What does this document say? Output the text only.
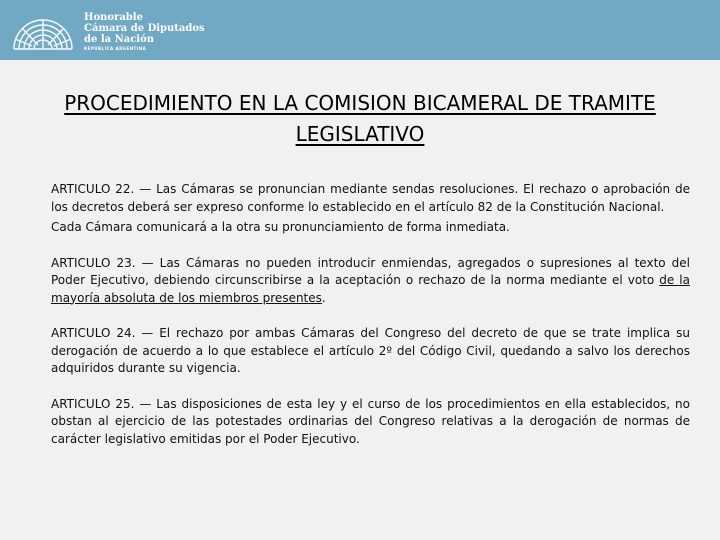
Honorable
Cámara de Diputados
de la Nación
REPÚBLICA ARGENTINA
PROCEDIMIENTO EN LA COMISION BICAMERAL DE TRAMITE LEGISLATIVO

ARTICULO 22. — Las Cámaras se pronuncian mediante sendas resoluciones. El rechazo o aprobación de los decretos deberá ser expreso conforme lo establecido en el artículo 82 de la Constitución Nacional.

Cada Cámara comunicará a la otra su pronunciamiento de forma inmediata.

ARTICULO 23. — Las Cámaras no pueden introducir enmiendas, agregados o supresiones al texto del Poder Ejecutivo, debiendo circunscribirse a la aceptación o rechazo de la norma mediante el voto de la mayoría absoluta de los miembros presentes.

ARTICULO 24. — El rechazo por ambas Cámaras del Congreso del decreto de que se trate implica su derogación de acuerdo a lo que establece el artículo 2º del Código Civil, quedando a salvo los derechos adquiridos durante su vigencia.

ARTICULO 25. — Las disposiciones de esta ley y el curso de los procedimientos en ella establecidos, no obstan al ejercicio de las potestades ordinarias del Congreso relativas a la derogación de normas de carácter legislativo emitidas por el Poder Ejecutivo.
